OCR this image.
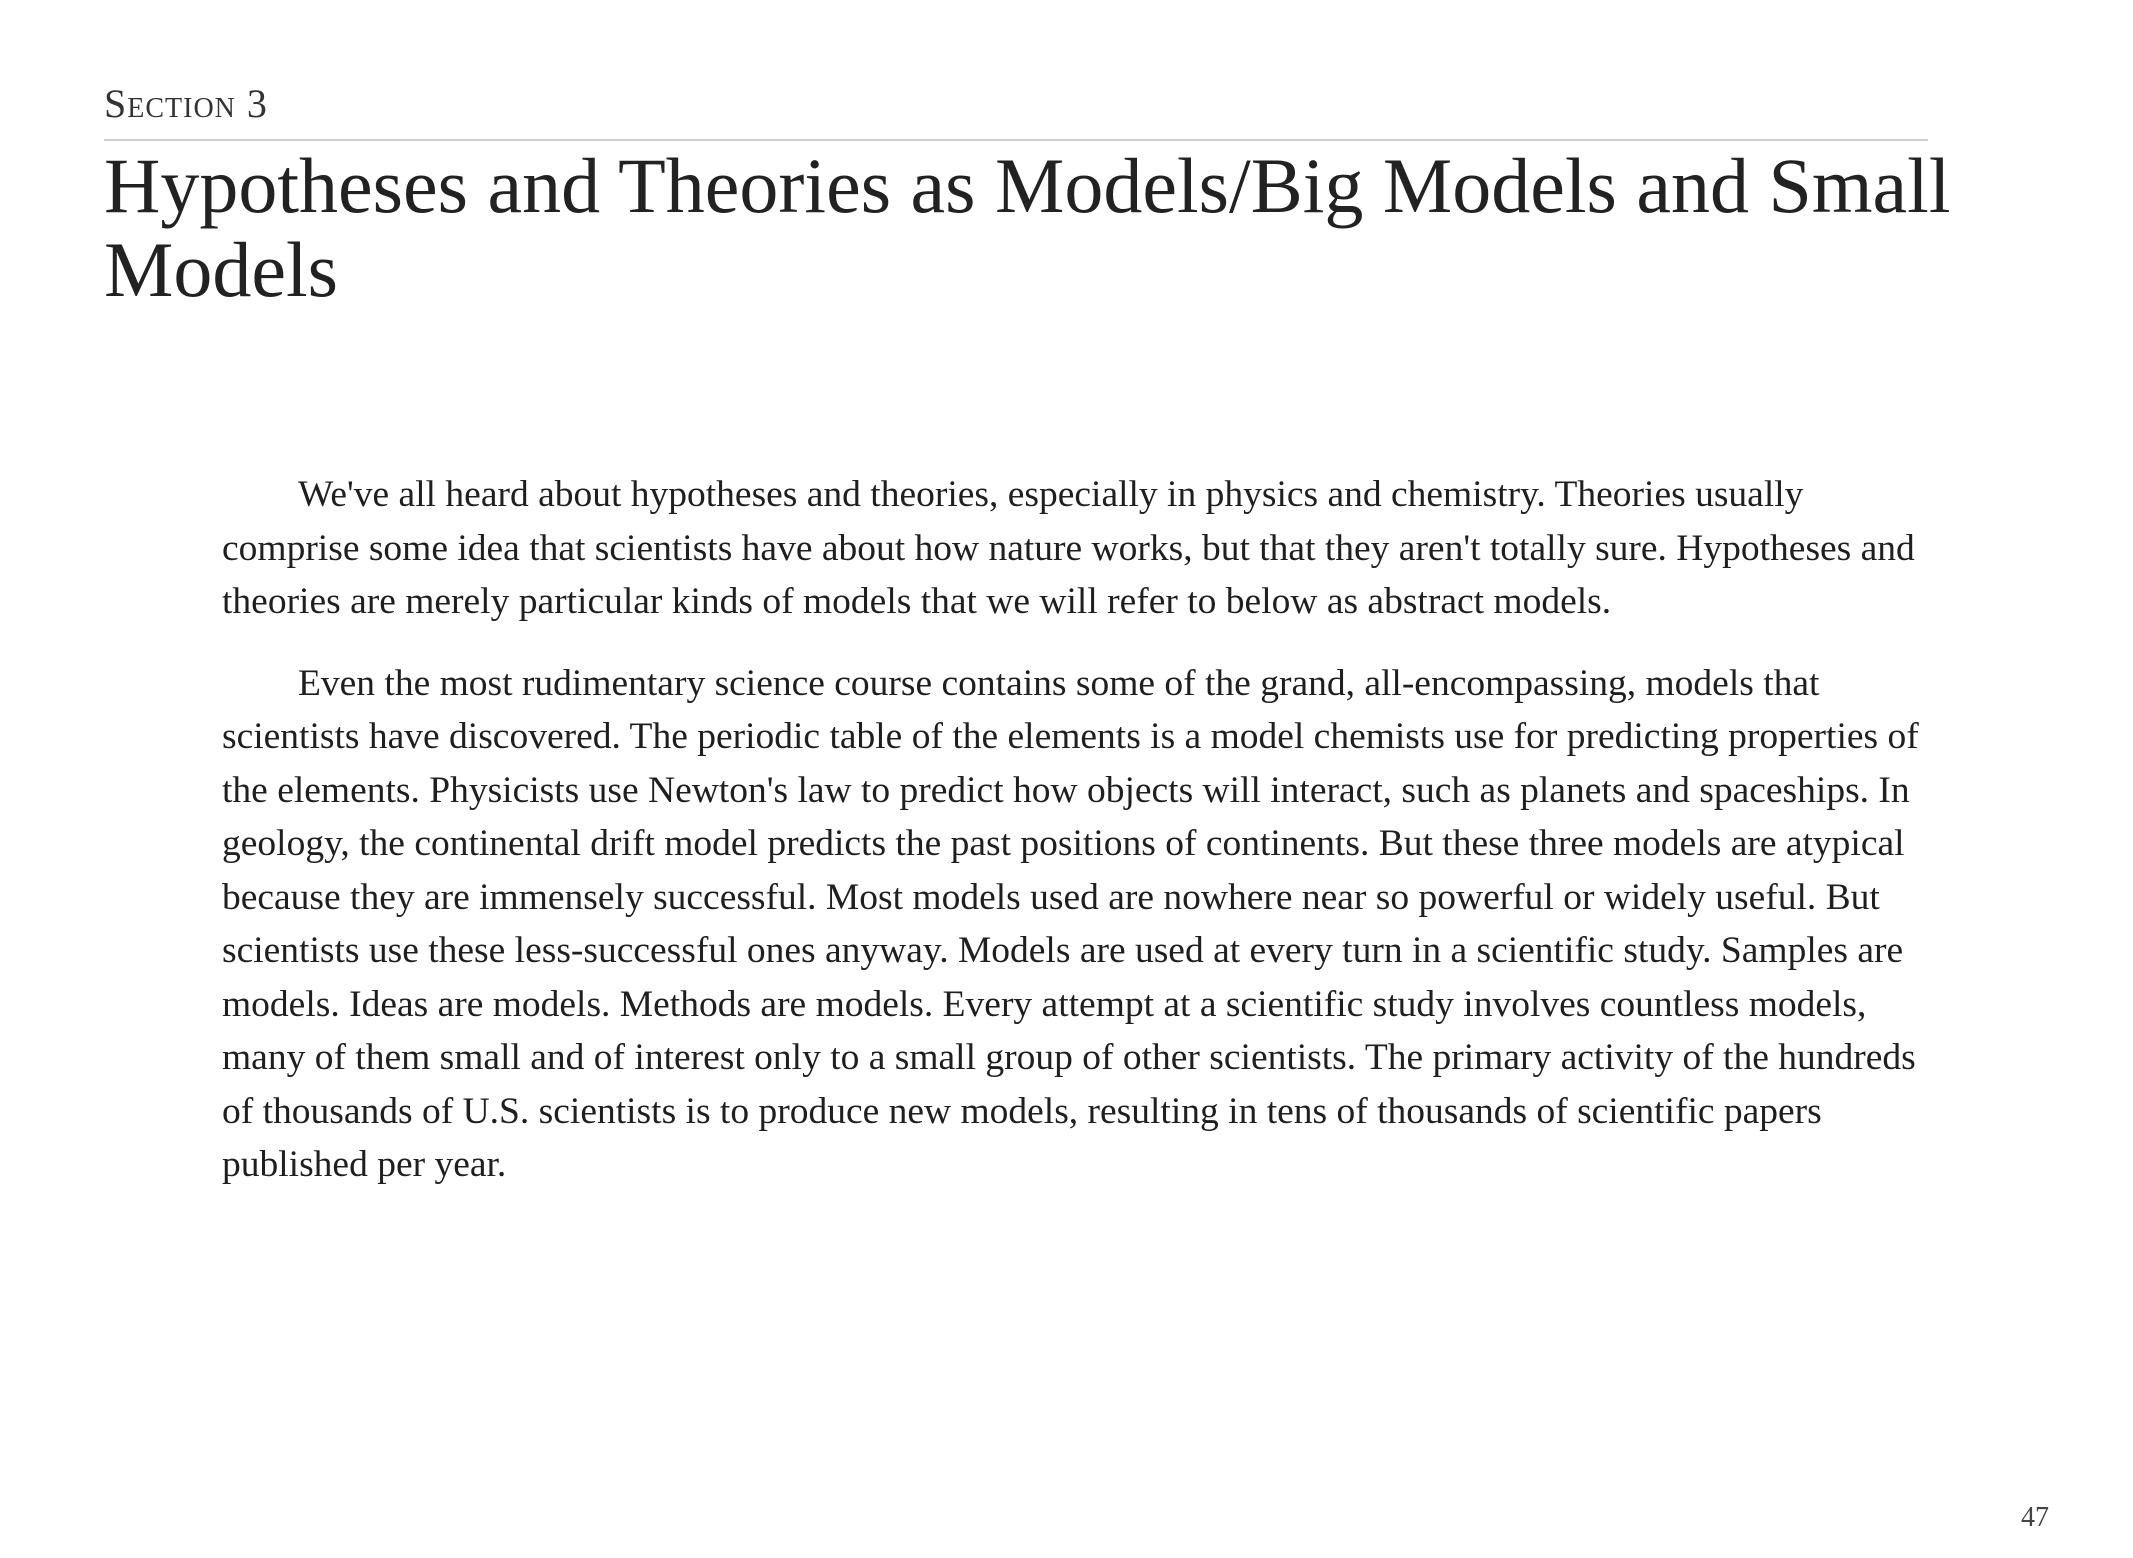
Section 3
Hypotheses and Theories as Models/Big Models and Small Models

We've all heard about hypotheses and theories, especially in physics and chemistry. Theories usually comprise some idea that scientists have about how nature works, but that they aren't totally sure. Hypotheses and theories are merely particular kinds of models that we will refer to below as abstract models.

Even the most rudimentary science course contains some of the grand, all-encompassing, models that scientists have discovered. The periodic table of the elements is a model chemists use for predicting properties of the elements. Physicists use Newton's law to predict how objects will interact, such as planets and spaceships. In geology, the continental drift model predicts the past positions of continents. But these three models are atypical because they are immensely successful. Most models used are nowhere near so powerful or widely useful. But scientists use these less-successful ones anyway. Models are used at every turn in a scientific study. Samples are models. Ideas are models. Methods are models. Every attempt at a scientific study involves countless models, many of them small and of interest only to a small group of other scientists. The primary activity of the hundreds of thousands of U.S. scientists is to produce new models, resulting in tens of thousands of scientific papers published per year.

47
